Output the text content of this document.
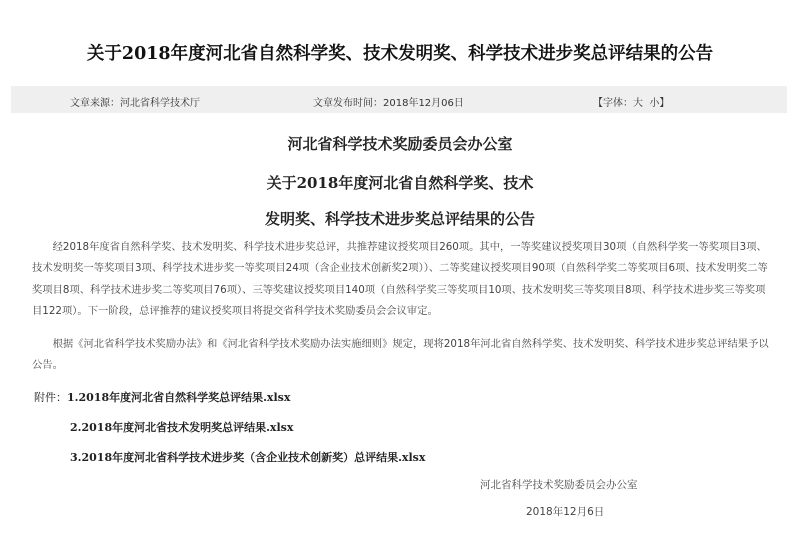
关于2018年度河北省自然科学奖、技术发明奖、科学技术进步奖总评结果的公告
文章来源：河北省科学技术厅	文章发布时间：2018年12月06日	【字体：大 小】
河北省科学技术奖励委员会办公室
关于2018年度河北省自然科学奖、技术
发明奖、科学技术进步奖总评结果的公告
经2018年度省自然科学奖、技术发明奖、科学技术进步奖总评，共推荐建议授奖项目260项。其中，一等奖建议授奖项目30项（自然科学奖一等奖项目3项、技术发明奖一等奖项目3项、科学技术进步奖一等奖项目24项（含企业技术创新奖2项））、二等奖建议授奖项目90项（自然科学奖二等奖项目6项、技术发明奖二等奖项目8项、科学技术进步奖二等奖项目76项）、三等奖建议授奖项目140项（自然科学奖三等奖项目10项、技术发明奖三等奖项目8项、科学技术进步奖三等奖项目122项）。下一阶段，总评推荐的建议授奖项目将提交省科学技术奖励委员会会议审定。
根据《河北省科学技术奖励办法》和《河北省科学技术奖励办法实施细则》规定，现将2018年河北省自然科学奖、技术发明奖、科学技术进步奖总评结果予以公告。
附件：1.2018年度河北省自然科学奖总评结果.xlsx
2.2018年度河北省技术发明奖总评结果.xlsx
3.2018年度河北省科学技术进步奖（含企业技术创新奖）总评结果.xlsx
河北省科学技术奖励委员会办公室
2018年12月6日
